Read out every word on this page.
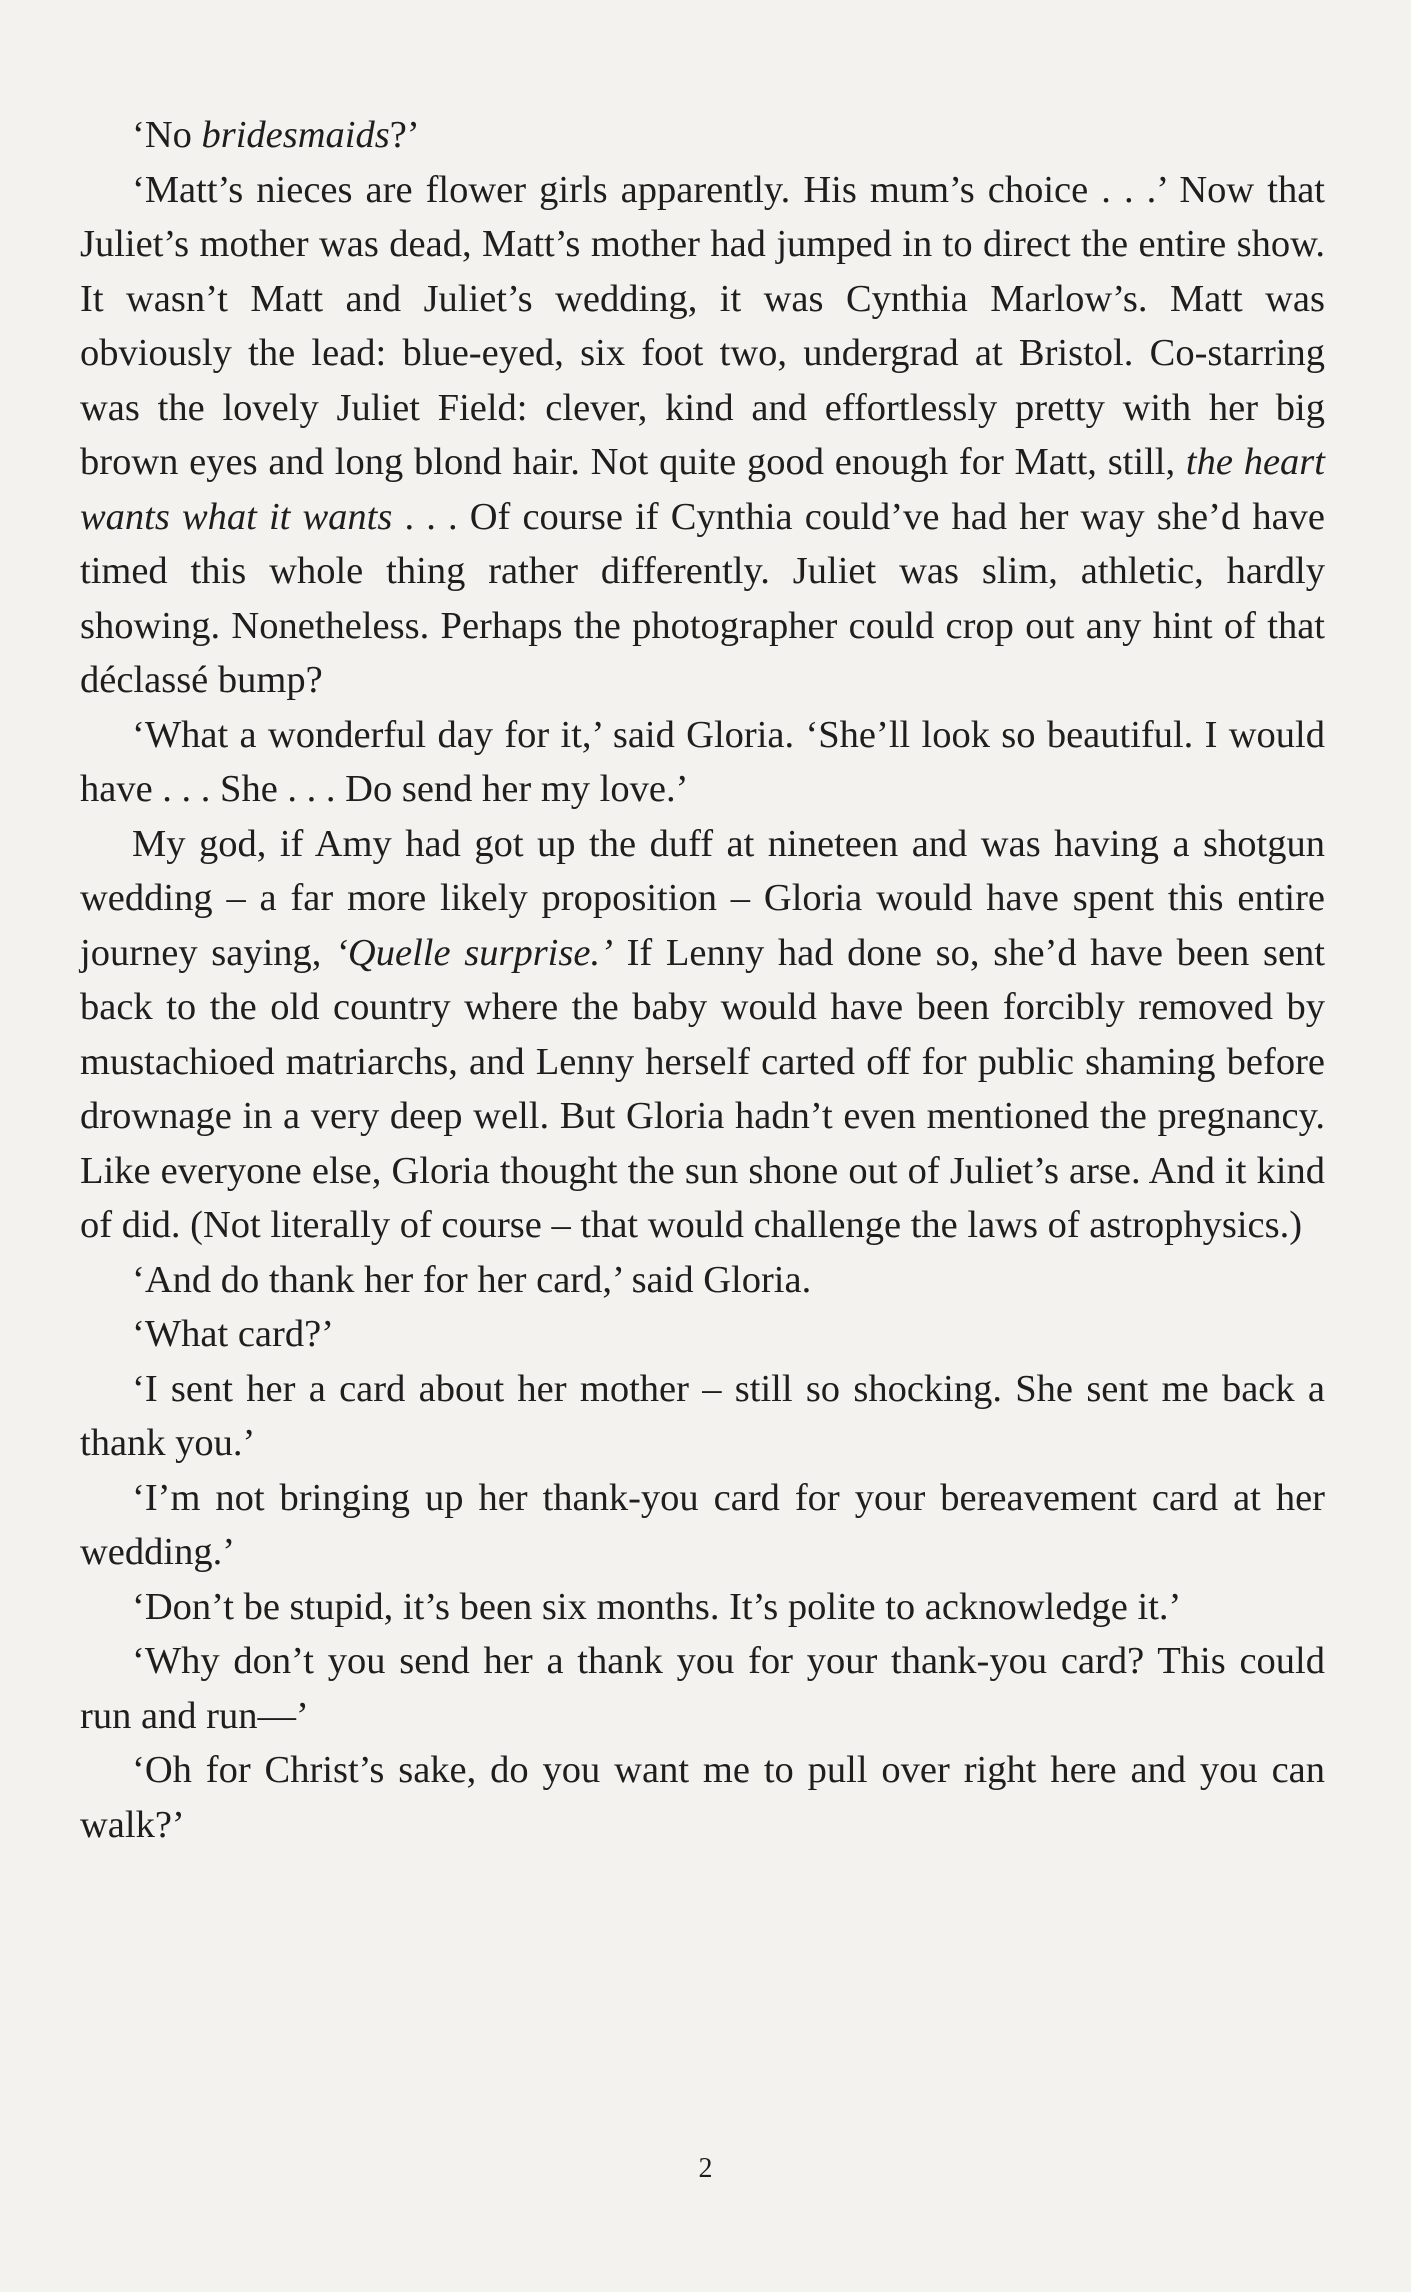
‘No bridesmaids?’

‘Matt’s nieces are flower girls apparently. His mum’s choice . . .’ Now that Juliet’s mother was dead, Matt’s mother had jumped in to direct the entire show. It wasn’t Matt and Juliet’s wedding, it was Cynthia Marlow’s. Matt was obviously the lead: blue-eyed, six foot two, undergrad at Bristol. Co-starring was the lovely Juliet Field: clever, kind and effortlessly pretty with her big brown eyes and long blond hair. Not quite good enough for Matt, still, the heart wants what it wants . . . Of course if Cynthia could’ve had her way she’d have timed this whole thing rather differently. Juliet was slim, athletic, hardly showing. Nonetheless. Perhaps the photographer could crop out any hint of that déclassé bump?

‘What a wonderful day for it,’ said Gloria. ‘She’ll look so beautiful. I would have . . . She . . . Do send her my love.’

My god, if Amy had got up the duff at nineteen and was having a shotgun wedding – a far more likely proposition – Gloria would have spent this entire journey saying, ‘Quelle surprise.’ If Lenny had done so, she’d have been sent back to the old country where the baby would have been forcibly removed by mustachioed matriarchs, and Lenny herself carted off for public shaming before drownage in a very deep well. But Gloria hadn’t even mentioned the pregnancy. Like everyone else, Gloria thought the sun shone out of Juliet’s arse. And it kind of did. (Not literally of course – that would challenge the laws of astrophysics.)

‘And do thank her for her card,’ said Gloria.

‘What card?’

‘I sent her a card about her mother – still so shocking. She sent me back a thank you.’

‘I’m not bringing up her thank-you card for your bereavement card at her wedding.’

‘Don’t be stupid, it’s been six months. It’s polite to acknowledge it.’

‘Why don’t you send her a thank you for your thank-you card? This could run and run—’

‘Oh for Christ’s sake, do you want me to pull over right here and you can walk?’

2
